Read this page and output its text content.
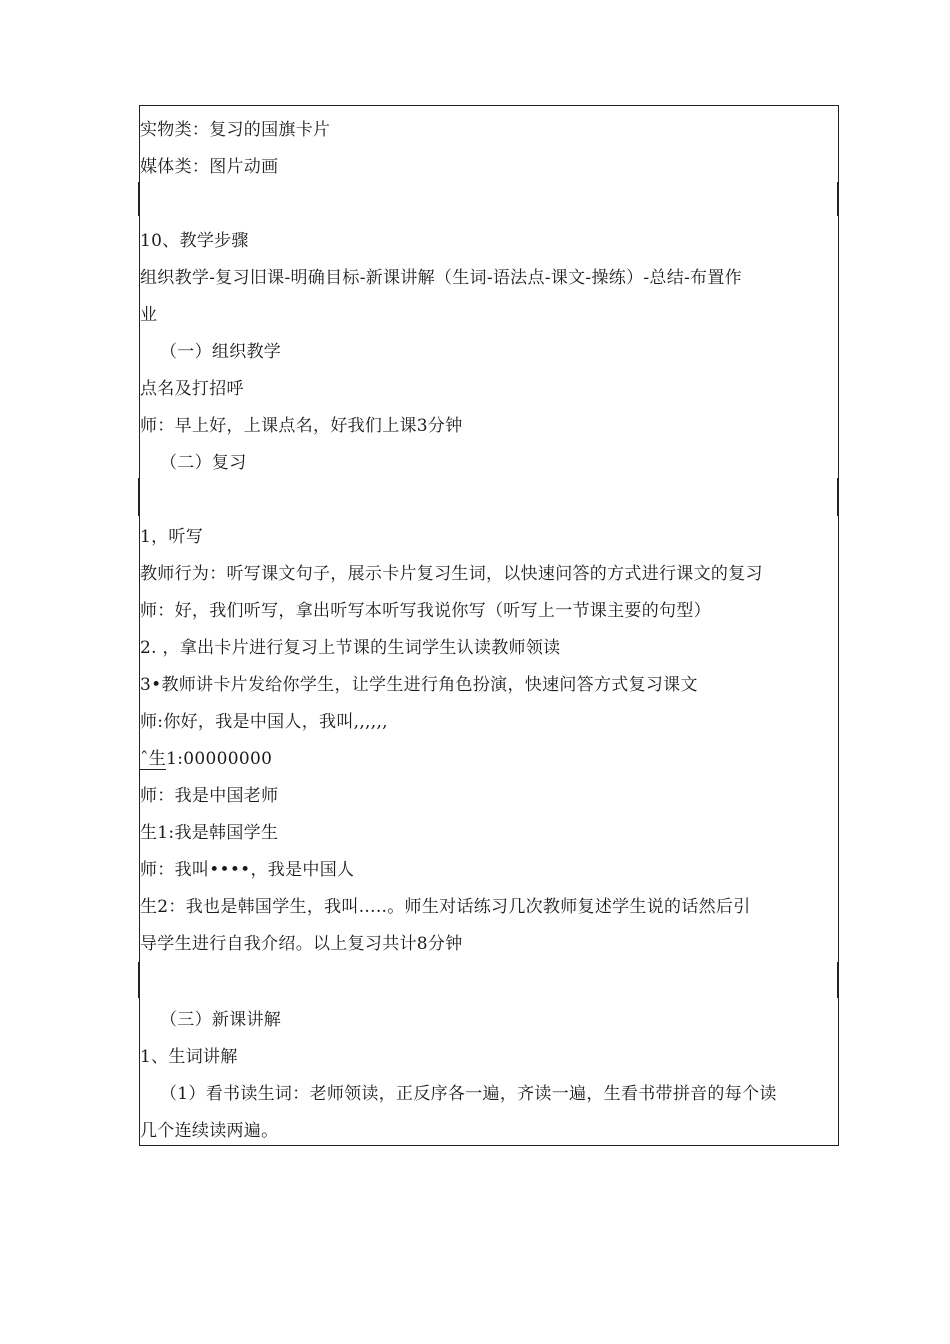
实物类：复习的国旗卡片
媒体类：图片动画
10、教学步骤
组织教学-复习旧课-明确目标-新课讲解（生词-语法点-课文-操练）-总结-布置作
业
（一）组织教学
点名及打招呼
师：早上好，上课点名，好我们上课3分钟
（二）复习
1，听写
教师行为：听写课文句子，展示卡片复习生词，以快速问答的方式进行课文的复习
师：好，我们听写，拿出听写本听写我说你写（听写上一节课主要的句型）
2. ，拿出卡片进行复习上节课的生词学生认读教师领读
3•教师讲卡片发给你学生，让学生进行角色扮演，快速问答方式复习课文
师:你好，我是中国人，我叫,,,,,,
ˆ生1:00000000
师：我是中国老师
生1:我是韩国学生
师：我叫••••，我是中国人
生2：我也是韩国学生，我叫.....。师生对话练习几次教师复述学生说的话然后引
导学生进行自我介绍。以上复习共计8分钟
（三）新课讲解
1、生词讲解
（1）看书读生词：老师领读，正反序各一遍，齐读一遍，生看书带拼音的每个读
几个连续读两遍。
